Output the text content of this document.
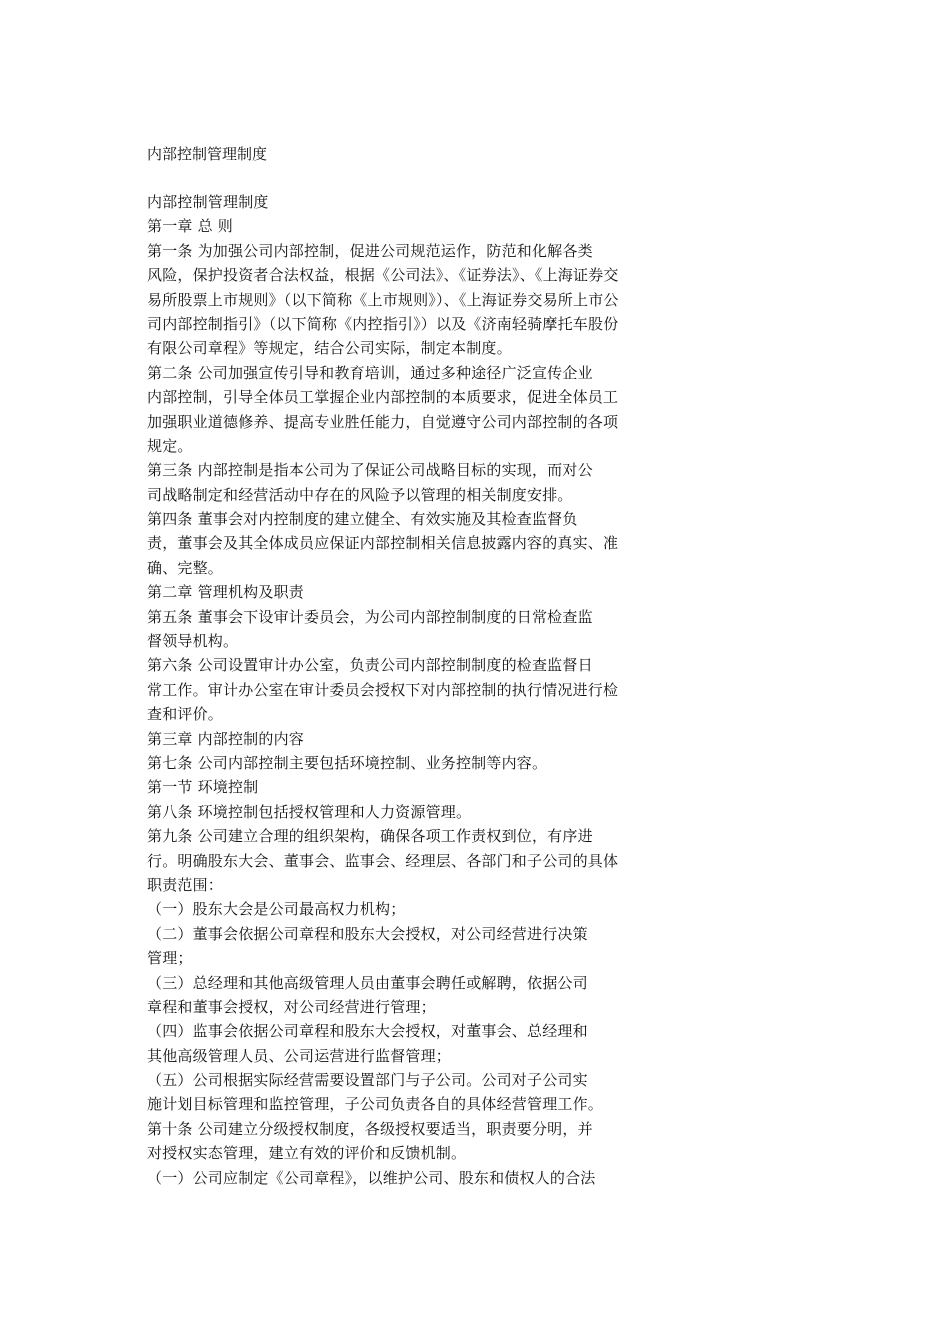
内部控制管理制度
内部控制管理制度
第一章 总 则
第一条 为加强公司内部控制，促进公司规范运作，防范和化解各类
风险，保护投资者合法权益，根据《公司法》、《证券法》、《上海证券交
易所股票上市规则》（以下简称《上市规则》）、《上海证券交易所上市公
司内部控制指引》（以下简称《内控指引》）以及《济南轻骑摩托车股份
有限公司章程》等规定，结合公司实际，制定本制度。
第二条 公司加强宣传引导和教育培训，通过多种途径广泛宣传企业
内部控制，引导全体员工掌握企业内部控制的本质要求，促进全体员工
加强职业道德修养、提高专业胜任能力，自觉遵守公司内部控制的各项
规定。
第三条 内部控制是指本公司为了保证公司战略目标的实现，而对公
司战略制定和经营活动中存在的风险予以管理的相关制度安排。
第四条 董事会对内控制度的建立健全、有效实施及其检查监督负
责，董事会及其全体成员应保证内部控制相关信息披露内容的真实、准
确、完整。
第二章 管理机构及职责
第五条 董事会下设审计委员会，为公司内部控制制度的日常检查监
督领导机构。
第六条 公司设置审计办公室，负责公司内部控制制度的检查监督日
常工作。审计办公室在审计委员会授权下对内部控制的执行情况进行检
查和评价。
第三章 内部控制的内容
第七条 公司内部控制主要包括环境控制、业务控制等内容。
第一节 环境控制
第八条 环境控制包括授权管理和人力资源管理。
第九条 公司建立合理的组织架构，确保各项工作责权到位，有序进
行。明确股东大会、董事会、监事会、经理层、各部门和子公司的具体
职责范围：
（一）股东大会是公司最高权力机构；
（二）董事会依据公司章程和股东大会授权，对公司经营进行决策
管理；
（三）总经理和其他高级管理人员由董事会聘任或解聘，依据公司
章程和董事会授权，对公司经营进行管理；
（四）监事会依据公司章程和股东大会授权，对董事会、总经理和
其他高级管理人员、公司运营进行监督管理；
（五）公司根据实际经营需要设置部门与子公司。公司对子公司实
施计划目标管理和监控管理，子公司负责各自的具体经营管理工作。
第十条 公司建立分级授权制度，各级授权要适当，职责要分明，并
对授权实态管理，建立有效的评价和反馈机制。
（一）公司应制定《公司章程》，以维护公司、股东和债权人的合法
